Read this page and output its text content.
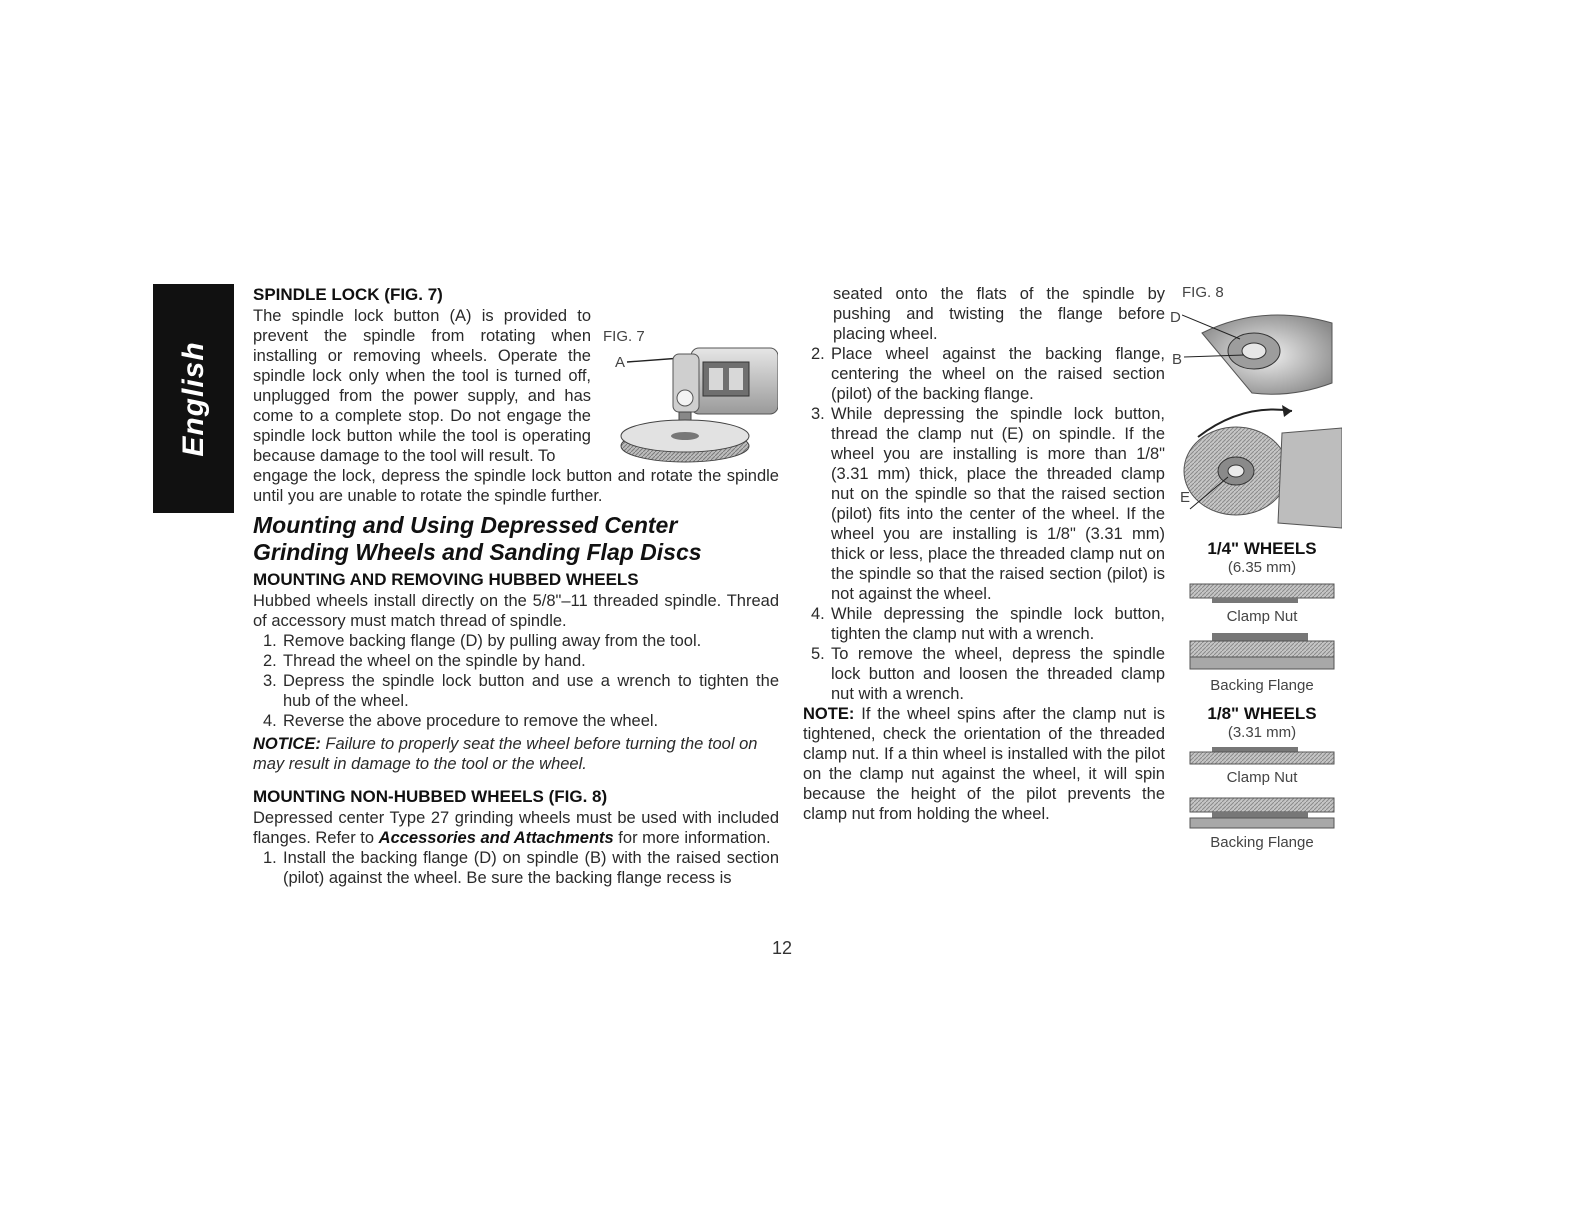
English
SPINDLE LOCK (FIG. 7)

The spindle lock button (A) is provided to prevent the spindle from rotating when installing or removing wheels. Operate the spindle lock only when the tool is turned off, unplugged from the power supply, and has come to a complete stop. Do not engage the spindle lock button while the tool is operating because damage to the tool will result. To

FIG. 7
A

engage the lock, depress the spindle lock button and rotate the spindle until you are unable to rotate the spindle further.

Mounting and Using Depressed Center Grinding Wheels and Sanding Flap Discs
MOUNTING AND REMOVING HUBBED WHEELS

Hubbed wheels install directly on the 5/8"–11 threaded spindle. Thread of accessory must match thread of spindle.

1. Remove backing flange (D) by pulling away from the tool.
2. Thread the wheel on the spindle by hand.
3. Depress the spindle lock button and use a wrench to tighten the hub of the wheel.
4. Reverse the above procedure to remove the wheel.

NOTICE: Failure to properly seat the wheel before turning the tool on may result in damage to the tool or the wheel.

MOUNTING NON-HUBBED WHEELS (FIG. 8)

Depressed center Type 27 grinding wheels must be used with included flanges. Refer to Accessories and Attachments for more information.

1. Install the backing flange (D) on spindle (B) with the raised section (pilot) against the wheel. Be sure the backing flange recess is

seated onto the flats of the spindle by pushing and twisting the flange before placing wheel.

2. Place wheel against the backing flange, centering the wheel on the raised section (pilot) of the backing flange.
3. While depressing the spindle lock button, thread the clamp nut (E) on spindle. If the wheel you are installing is more than 1/8" (3.31 mm) thick, place the threaded clamp nut on the spindle so that the raised section (pilot) fits into the center of the wheel. If the wheel you are installing is 1/8" (3.31 mm) thick or less, place the threaded clamp nut on the spindle so that the raised section (pilot) is not against the wheel.
4. While depressing the spindle lock button, tighten the clamp nut with a wrench.
5. To remove the wheel, depress the spindle lock button and loosen the threaded clamp nut with a wrench.

NOTE: If the wheel spins after the clamp nut is tightened, check the orientation of the threaded clamp nut. If a thin wheel is installed with the pilot on the clamp nut against the wheel, it will spin because the height of the pilot prevents the clamp nut from holding the wheel.

FIG. 8

D
B
E

1/4" WHEELS

(6.35 mm)

Clamp Nut

Backing Flange

1/8" WHEELS

(3.31 mm)

Clamp Nut

Backing Flange

12
